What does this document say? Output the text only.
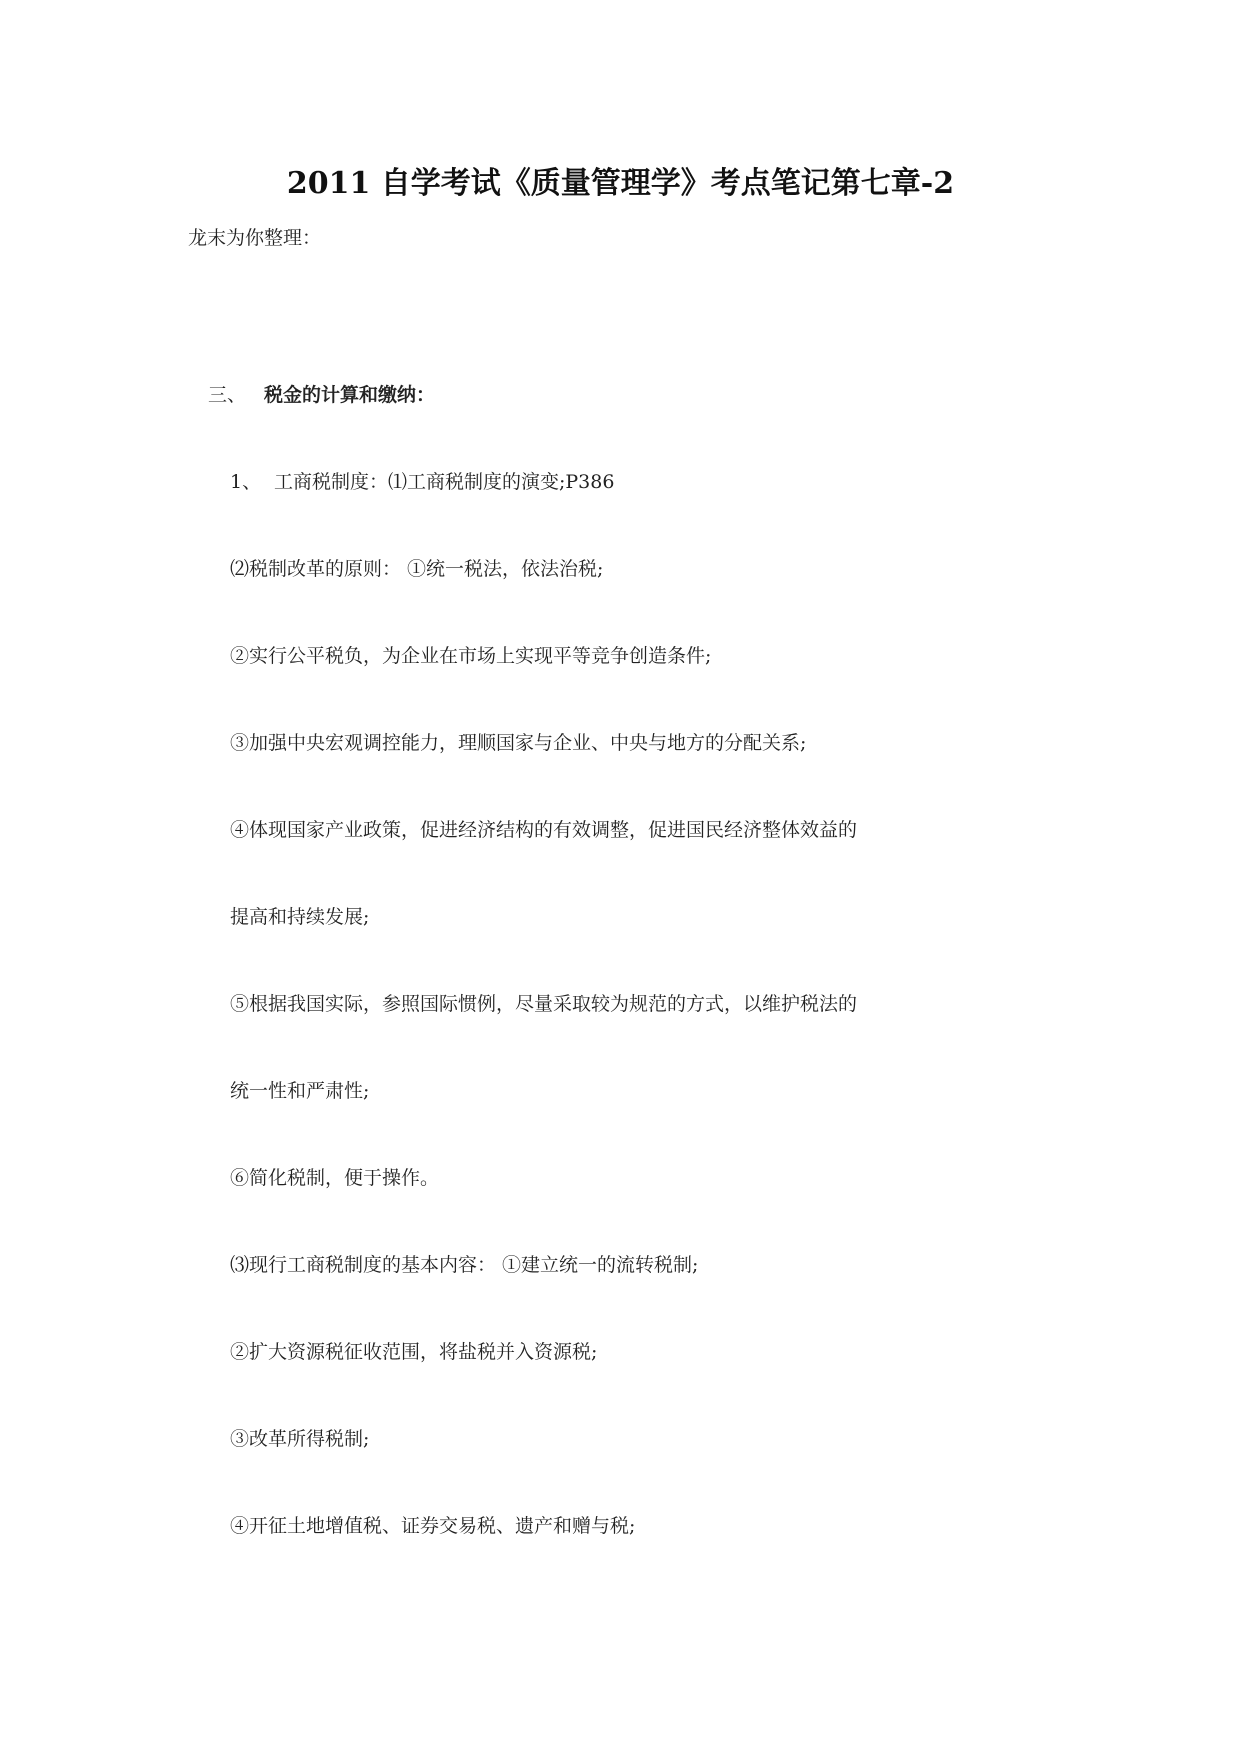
2011 自学考试《质量管理学》考点笔记第七章-2

龙末为你整理：

三、 税金的计算和缴纳：

1、 工商税制度：⑴工商税制度的演变;P386

⑵税制改革的原则： ①统一税法，依法治税;

②实行公平税负，为企业在市场上实现平等竞争创造条件;

③加强中央宏观调控能力，理顺国家与企业、中央与地方的分配关系;

④体现国家产业政策，促进经济结构的有效调整，促进国民经济整体效益的

提高和持续发展;

⑤根据我国实际，参照国际惯例，尽量采取较为规范的方式，以维护税法的

统一性和严肃性;

⑥简化税制，便于操作。

⑶现行工商税制度的基本内容： ①建立统一的流转税制;

②扩大资源税征收范围，将盐税并入资源税;

③改革所得税制;

④开征土地增值税、证券交易税、遗产和赠与税;
